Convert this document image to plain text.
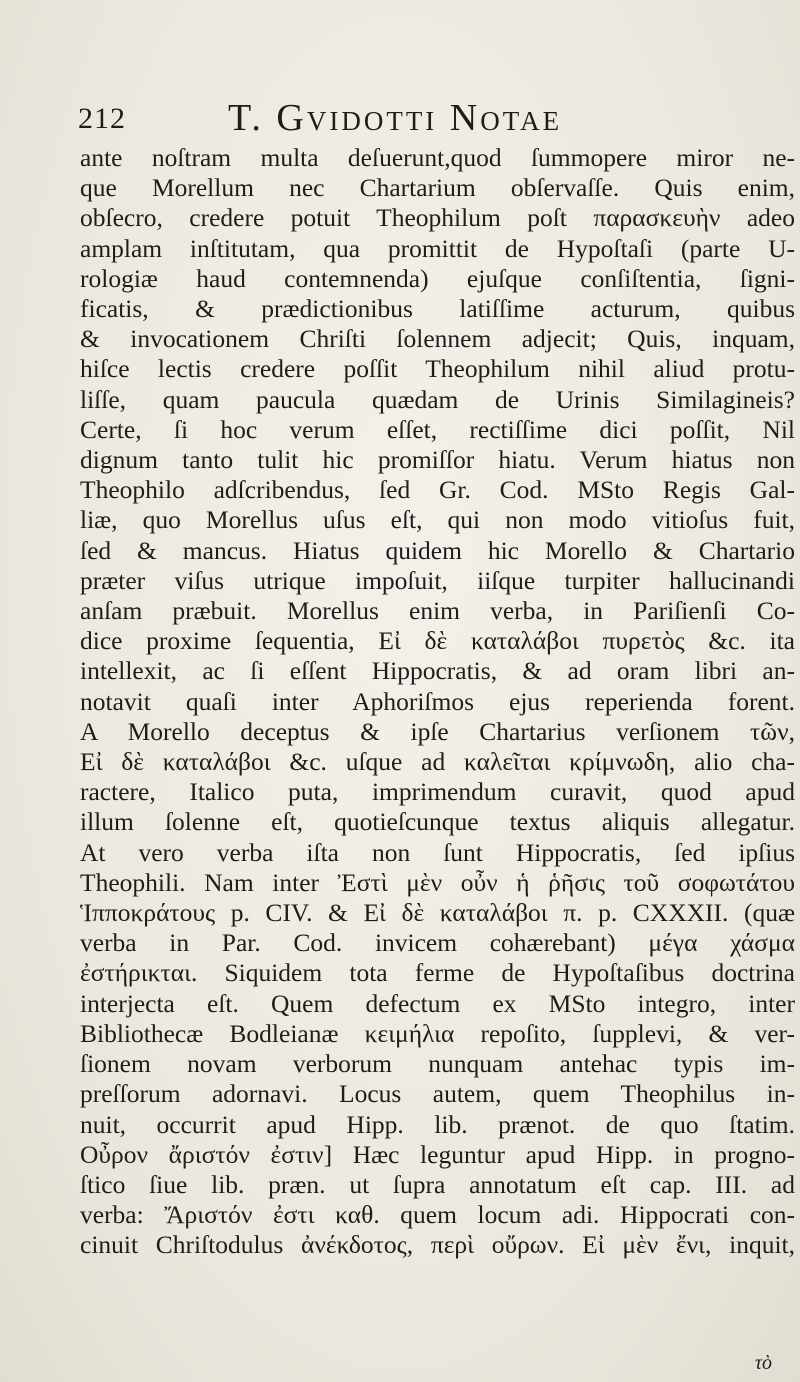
212	T. Gvidotti Notae
ante noſtram multa deſuerunt,quod ſummopere miror ne-
que Morellum nec Chartarium obſervaſſe. Quis enim,
obſecro, credere potuit Theophilum poſt παρασκευὴν adeo
amplam inſtitutam, qua promittit de Hypoſtaſi (parte U-
rologiæ haud contemnenda) ejuſque conſiſtentia, ſigni-
ficatis, & prædictionibus latiſſime acturum, quibus
& invocationem Chriſti ſolennem adjecit; Quis, inquam,
hiſce lectis credere poſſit Theophilum nihil aliud protu-
liſſe, quam paucula quædam de Urinis Similagineis?
Certe, ſi hoc verum eſſet, rectiſſime dici poſſit, Nil
dignum tanto tulit hic promiſſor hiatu. Verum hiatus non
Theophilo adſcribendus, ſed Gr. Cod. MSto Regis Gal-
liæ, quo Morellus uſus eſt, qui non modo vitioſus fuit,
ſed & mancus. Hiatus quidem hic Morello & Chartario
præter viſus utrique impoſuit, iiſque turpiter hallucinandi
anſam præbuit. Morellus enim verba, in Pariſienſi Co-
dice proxime ſequentia, Εἰ δὲ καταλάβοι πυρετὸς &c. ita
intellexit, ac ſi eſſent Hippocratis, & ad oram libri an-
notavit quaſi inter Aphoriſmos ejus reperienda forent.
A Morello deceptus & ipſe Chartarius verſionem τῶν,
Εἰ δὲ καταλάβοι &c. uſque ad καλεῖται κρίμνωδη, alio cha-
ractere, Italico puta, imprimendum curavit, quod apud
illum ſolenne eſt, quotieſcunque textus aliquis allegatur.
At vero verba iſta non ſunt Hippocratis, ſed ipſius
Theophili. Nam inter Ἐστὶ μὲν οὖν ἡ ῥῆσις τοῦ σοφωτάτου
Ἱπποκράτους p. CIV. & Εἰ δὲ καταλάβοι π. p. CXXXII. (quæ
verba in Par. Cod. invicem cohærebant) μέγα χάσμα
ἐστήρικται. Siquidem tota ferme de Hypoſtaſibus doctrina
interjecta eſt. Quem defectum ex MSto integro, inter
Bibliothecæ Bodleianæ κειμήλια repoſito, ſupplevi, & ver-
ſionem novam verborum nunquam antehac typis im-
preſſorum adornavi. Locus autem, quem Theophilus in-
nuit, occurrit apud Hipp. lib. prænot. de quo ſtatim.
Οὖρον ἄριστόν ἐστιν] Hæc leguntur apud Hipp. in progno-
ſtico ſiue lib. præn. ut ſupra annotatum eſt cap. III. ad
verba: Ἄριστόν ἐστι καθ. quem locum adi. Hippocrati con-
cinuit Chriſtodulus ἀνέκδοτος, περὶ οὔρων. Εἰ μὲν ἔνι, inquit,
τὸ
